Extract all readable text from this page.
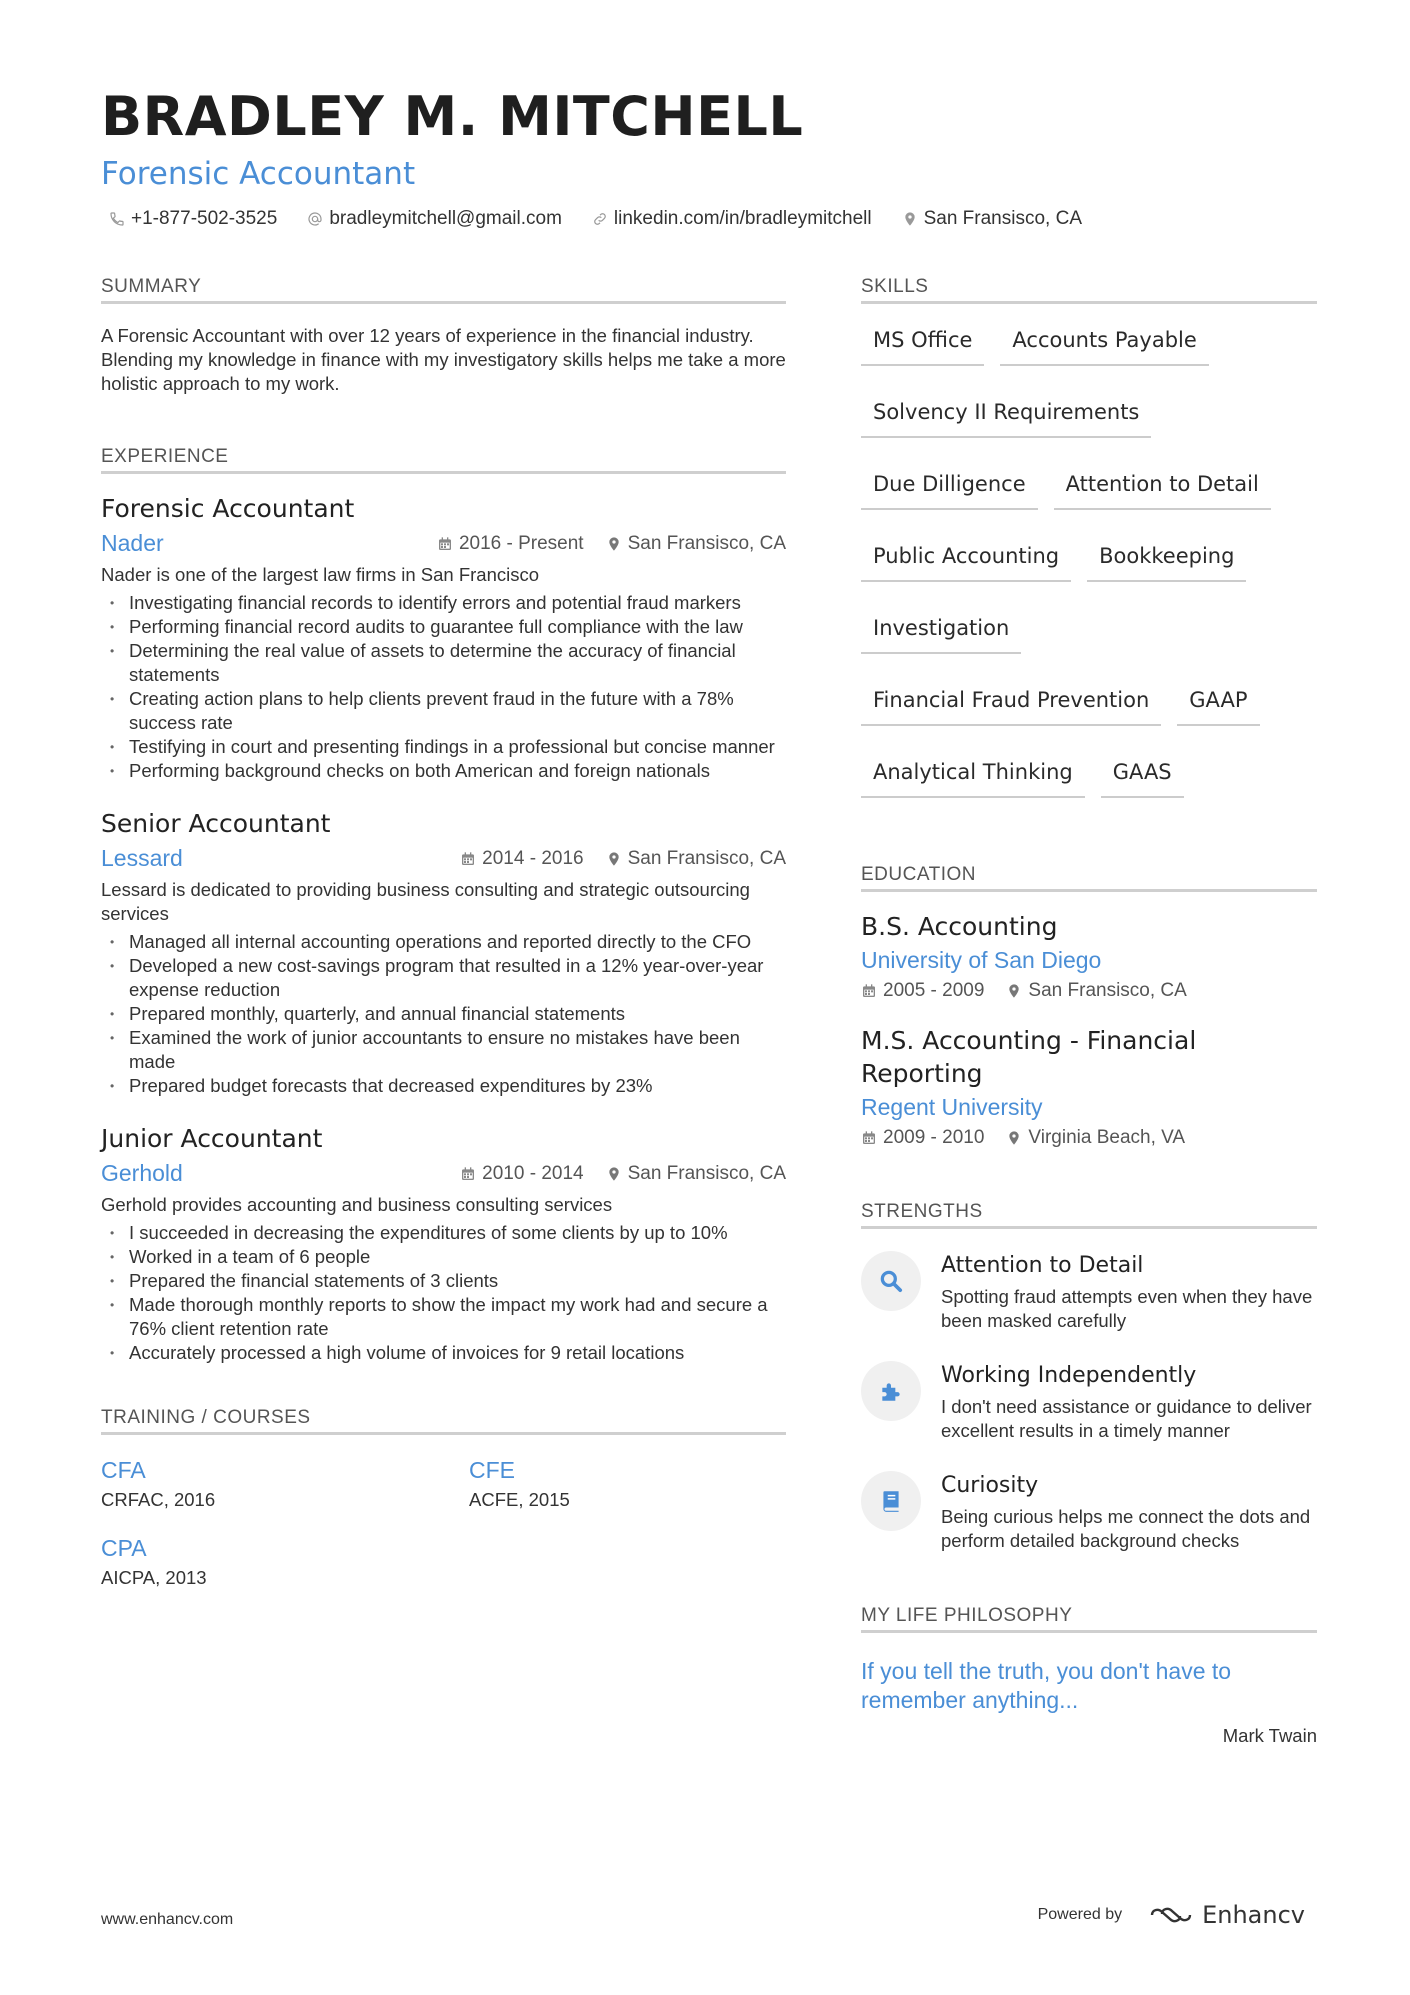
BRADLEY M. MITCHELL
Forensic Accountant
+1-877-502-3525	bradleymitchell@gmail.com	linkedin.com/in/bradleymitchell	San Fransisco, CA
SUMMARY
A Forensic Accountant with over 12 years of experience in the financial industry. Blending my knowledge in finance with my investigatory skills helps me take a more holistic approach to my work.
EXPERIENCE
Forensic Accountant
Nader	2016 - Present San Fransisco, CA
Nader is one of the largest law firms in San Francisco
• Investigating financial records to identify errors and potential fraud markers
• Performing financial record audits to guarantee full compliance with the law
• Determining the real value of assets to determine the accuracy of financial statements
• Creating action plans to help clients prevent fraud in the future with a 78% success rate
• Testifying in court and presenting findings in a professional but concise manner
• Performing background checks on both American and foreign nationals
Senior Accountant
Lessard	2014 - 2016 San Fransisco, CA
Lessard is dedicated to providing business consulting and strategic outsourcing services
• Managed all internal accounting operations and reported directly to the CFO
• Developed a new cost-savings program that resulted in a 12% year-over-year expense reduction
• Prepared monthly, quarterly, and annual financial statements
• Examined the work of junior accountants to ensure no mistakes have been made
• Prepared budget forecasts that decreased expenditures by 23%
Junior Accountant
Gerhold	2010 - 2014 San Fransisco, CA
Gerhold provides accounting and business consulting services
• I succeeded in decreasing the expenditures of some clients by up to 10%
• Worked in a team of 6 people
• Prepared the financial statements of 3 clients
• Made thorough monthly reports to show the impact my work had and secure a 76% client retention rate
• Accurately processed a high volume of invoices for 9 retail locations
TRAINING / COURSES
CFA
CRFAC, 2016
CFE
ACFE, 2015
CPA
AICPA, 2013
SKILLS
MS Office	Accounts Payable
Solvency II Requirements
Due Dilligence	Attention to Detail
Public Accounting	Bookkeeping
Investigation
Financial Fraud Prevention	GAAP
Analytical Thinking	GAAS
EDUCATION
B.S. Accounting
University of San Diego
2005 - 2009 San Fransisco, CA
M.S. Accounting - Financial Reporting
Regent University
2009 - 2010 Virginia Beach, VA
STRENGTHS
Attention to Detail
Spotting fraud attempts even when they have been masked carefully
Working Independently
I don't need assistance or guidance to deliver excellent results in a timely manner
Curiosity
Being curious helps me connect the dots and perform detailed background checks
MY LIFE PHILOSOPHY
If you tell the truth, you don't have to remember anything...
Mark Twain
www.enhancv.com	Powered by	Enhancv
